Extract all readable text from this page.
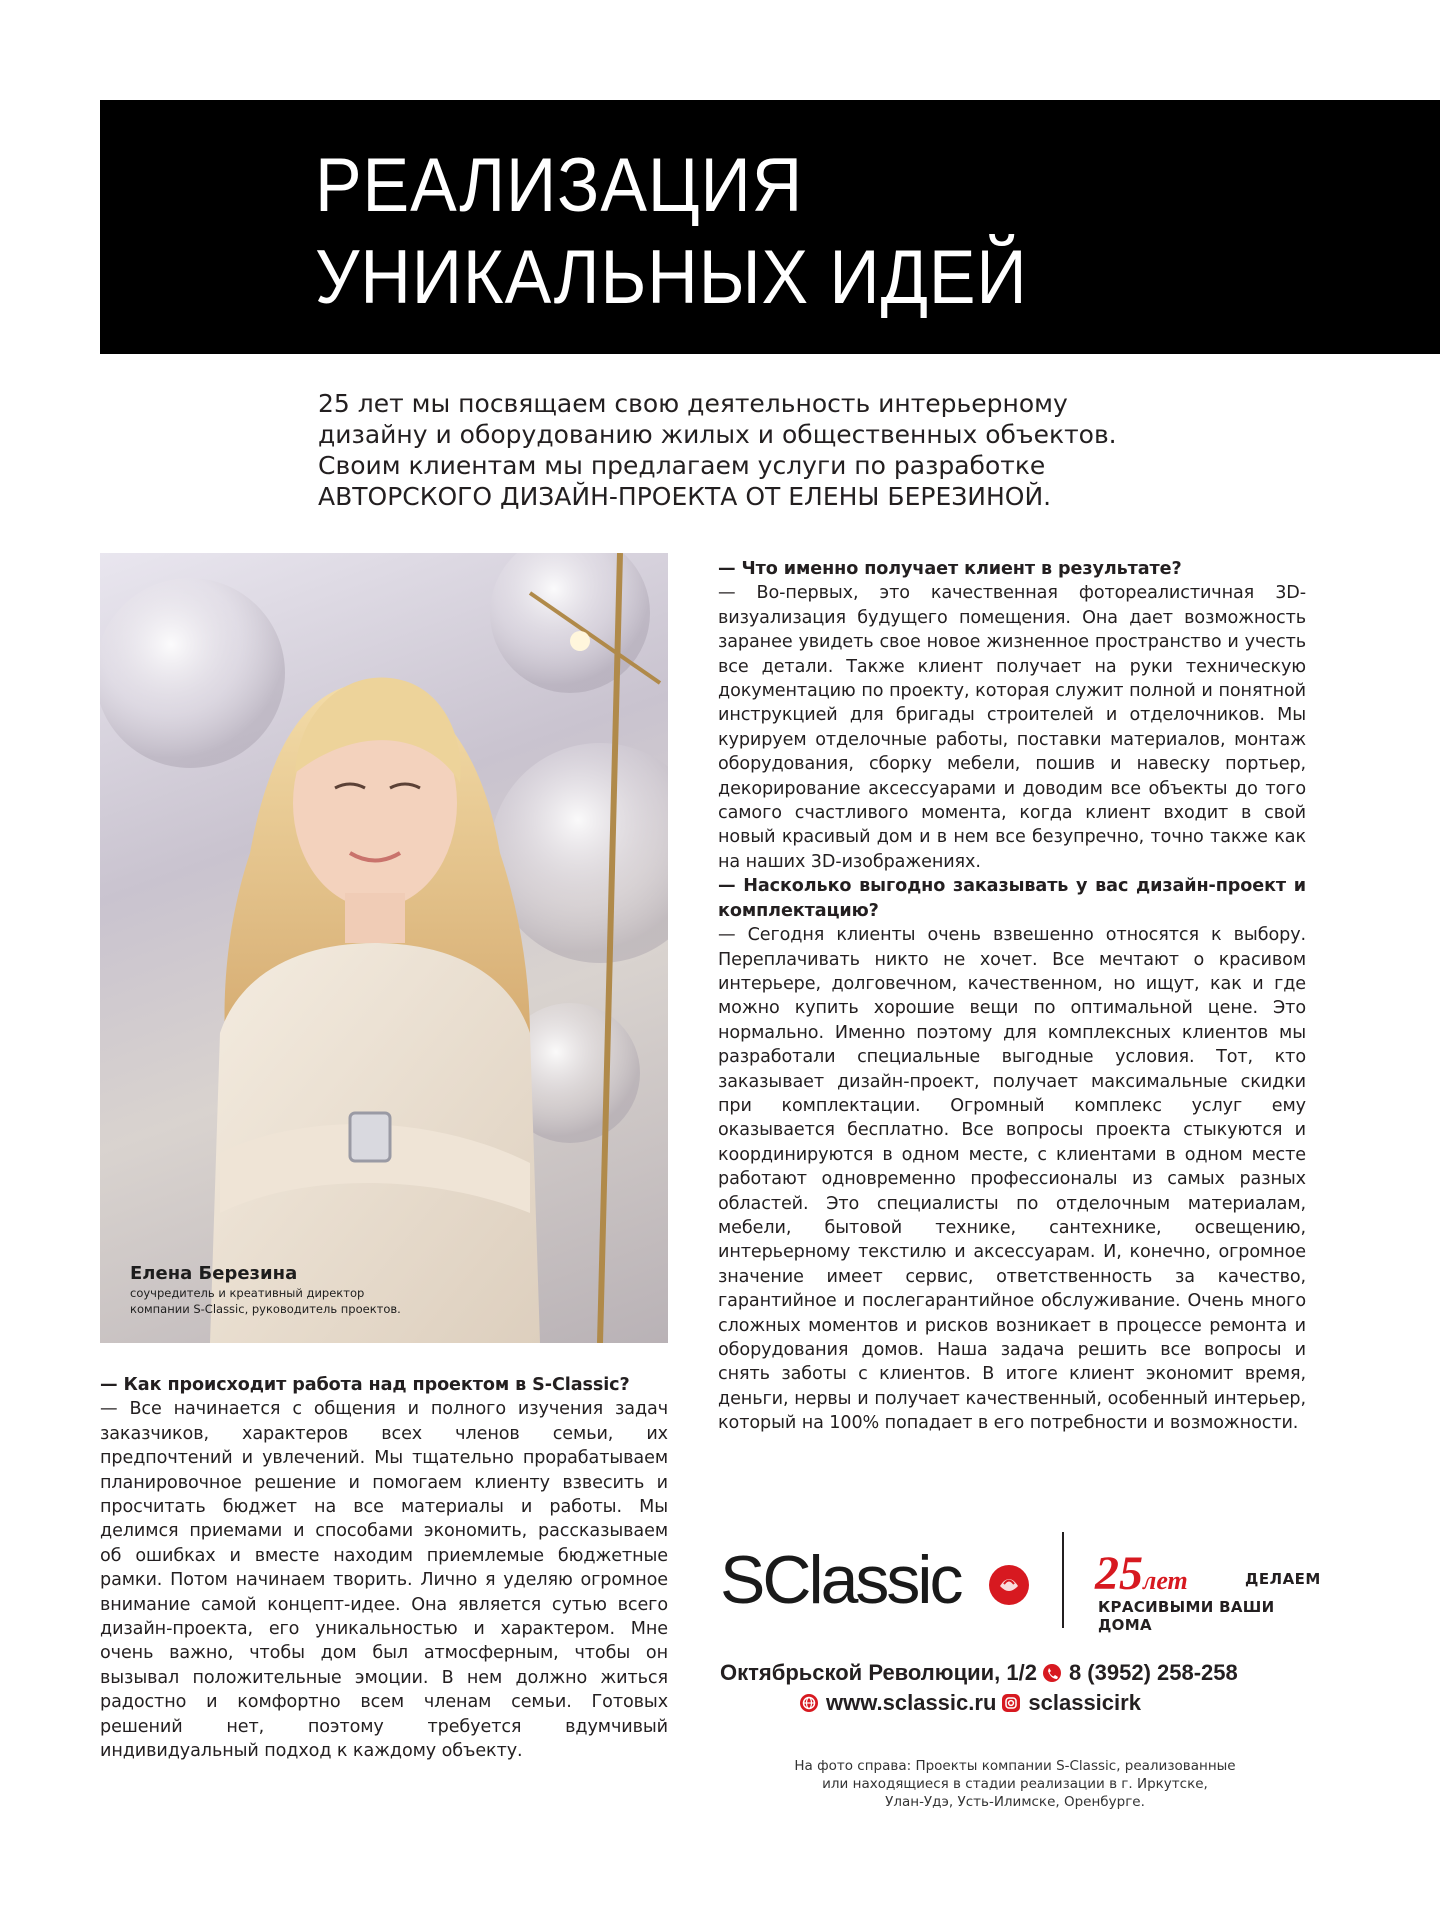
РЕАЛИЗАЦИЯ
УНИКАЛЬНЫХ ИДЕЙ

25 лет мы посвящаем свою деятельность интерьерному
дизайну и оборудованию жилых и общественных объектов.
Своим клиентам мы предлагаем услуги по разработке
АВТОРСКОГО ДИЗАЙН-ПРОЕКТА ОТ ЕЛЕНЫ БЕРЕЗИНОЙ.

Елена Березина
соучредитель и креативный директор
компании S-Classic, руководитель проектов.

— Что именно получает клиент в результате?

— Во-первых, это качественная фотореалистичная 3D-визуализация будущего помещения. Она дает возможность заранее увидеть свое новое жизненное пространство и учесть все детали. Также клиент получает на руки техническую документацию по проекту, которая служит полной и понятной инструкцией для бригады строителей и отделочников. Мы курируем отделочные работы, поставки материалов, монтаж оборудования, сборку мебели, пошив и навеску портьер, декорирование аксессуарами и доводим все объекты до того самого счастливого момента, когда клиент входит в свой новый красивый дом и в нем все безупречно, точно также как на наших 3D-изображениях.

— Насколько выгодно заказывать у вас дизайн-проект и комплектацию?

— Сегодня клиенты очень взвешенно относятся к выбору. Переплачивать никто не хочет. Все мечтают о красивом интерьере, долговечном, качественном, но ищут, как и где можно купить хорошие вещи по оптимальной цене. Это нормально. Именно поэтому для комплексных клиентов мы разработали специальные выгодные условия. Тот, кто заказывает дизайн-проект, получает максимальные скидки при комплектации. Огромный комплекс услуг ему оказывается бесплатно. Все вопросы проекта стыкуются и координируются в одном месте, с клиентами в одном месте работают одновременно профессионалы из самых разных областей. Это специалисты по отделочным материалам, мебели, бытовой технике, сантехнике, освещению, интерьерному текстилю и аксессуарам. И, конечно, огромное значение имеет сервис, ответственность за качество, гарантийное и послегарантийное обслуживание. Очень много сложных моментов и рисков возникает в процессе ремонта и оборудования домов. Наша задача решить все вопросы и снять заботы с клиентов. В итоге клиент экономит время, деньги, нервы и получает качественный, особенный интерьер, который на 100% попадает в его потребности и возможности.

— Как происходит работа над проектом в S-Classic?

— Все начинается с общения и полного изучения задач заказчиков, характеров всех членов семьи, их предпочтений и увлечений. Мы тщательно прорабатываем планировочное решение и помогаем клиенту взвесить и просчитать бюджет на все материалы и работы. Мы делимся приемами и способами экономить, рассказываем об ошибках и вместе находим приемлемые бюджетные рамки. Потом начинаем творить. Лично я уделяю огромное внимание самой концепт-идее. Она является сутью всего дизайн-проекта, его уникальностью и характером. Мне очень важно, чтобы дом был атмосферным, чтобы он вызывал положительные эмоции. В нем должно житься радостно и комфортно всем членам семьи. Готовых решений нет, поэтому требуется вдумчивый индивидуальный подход к каждому объекту.

SClassic	25лет	ДЕЛАЕМ
КРАСИВЫМИ ВАШИ ДОМА
Октябрьской Революции, 1/2 8 (3952) 258-258
www.sclassic.ru sclassicirk
На фото справа: Проекты компании S-Classic, реализованные
или находящиеся в стадии реализации в г. Иркутске,
Улан-Удэ, Усть-Илимске, Оренбурге.
